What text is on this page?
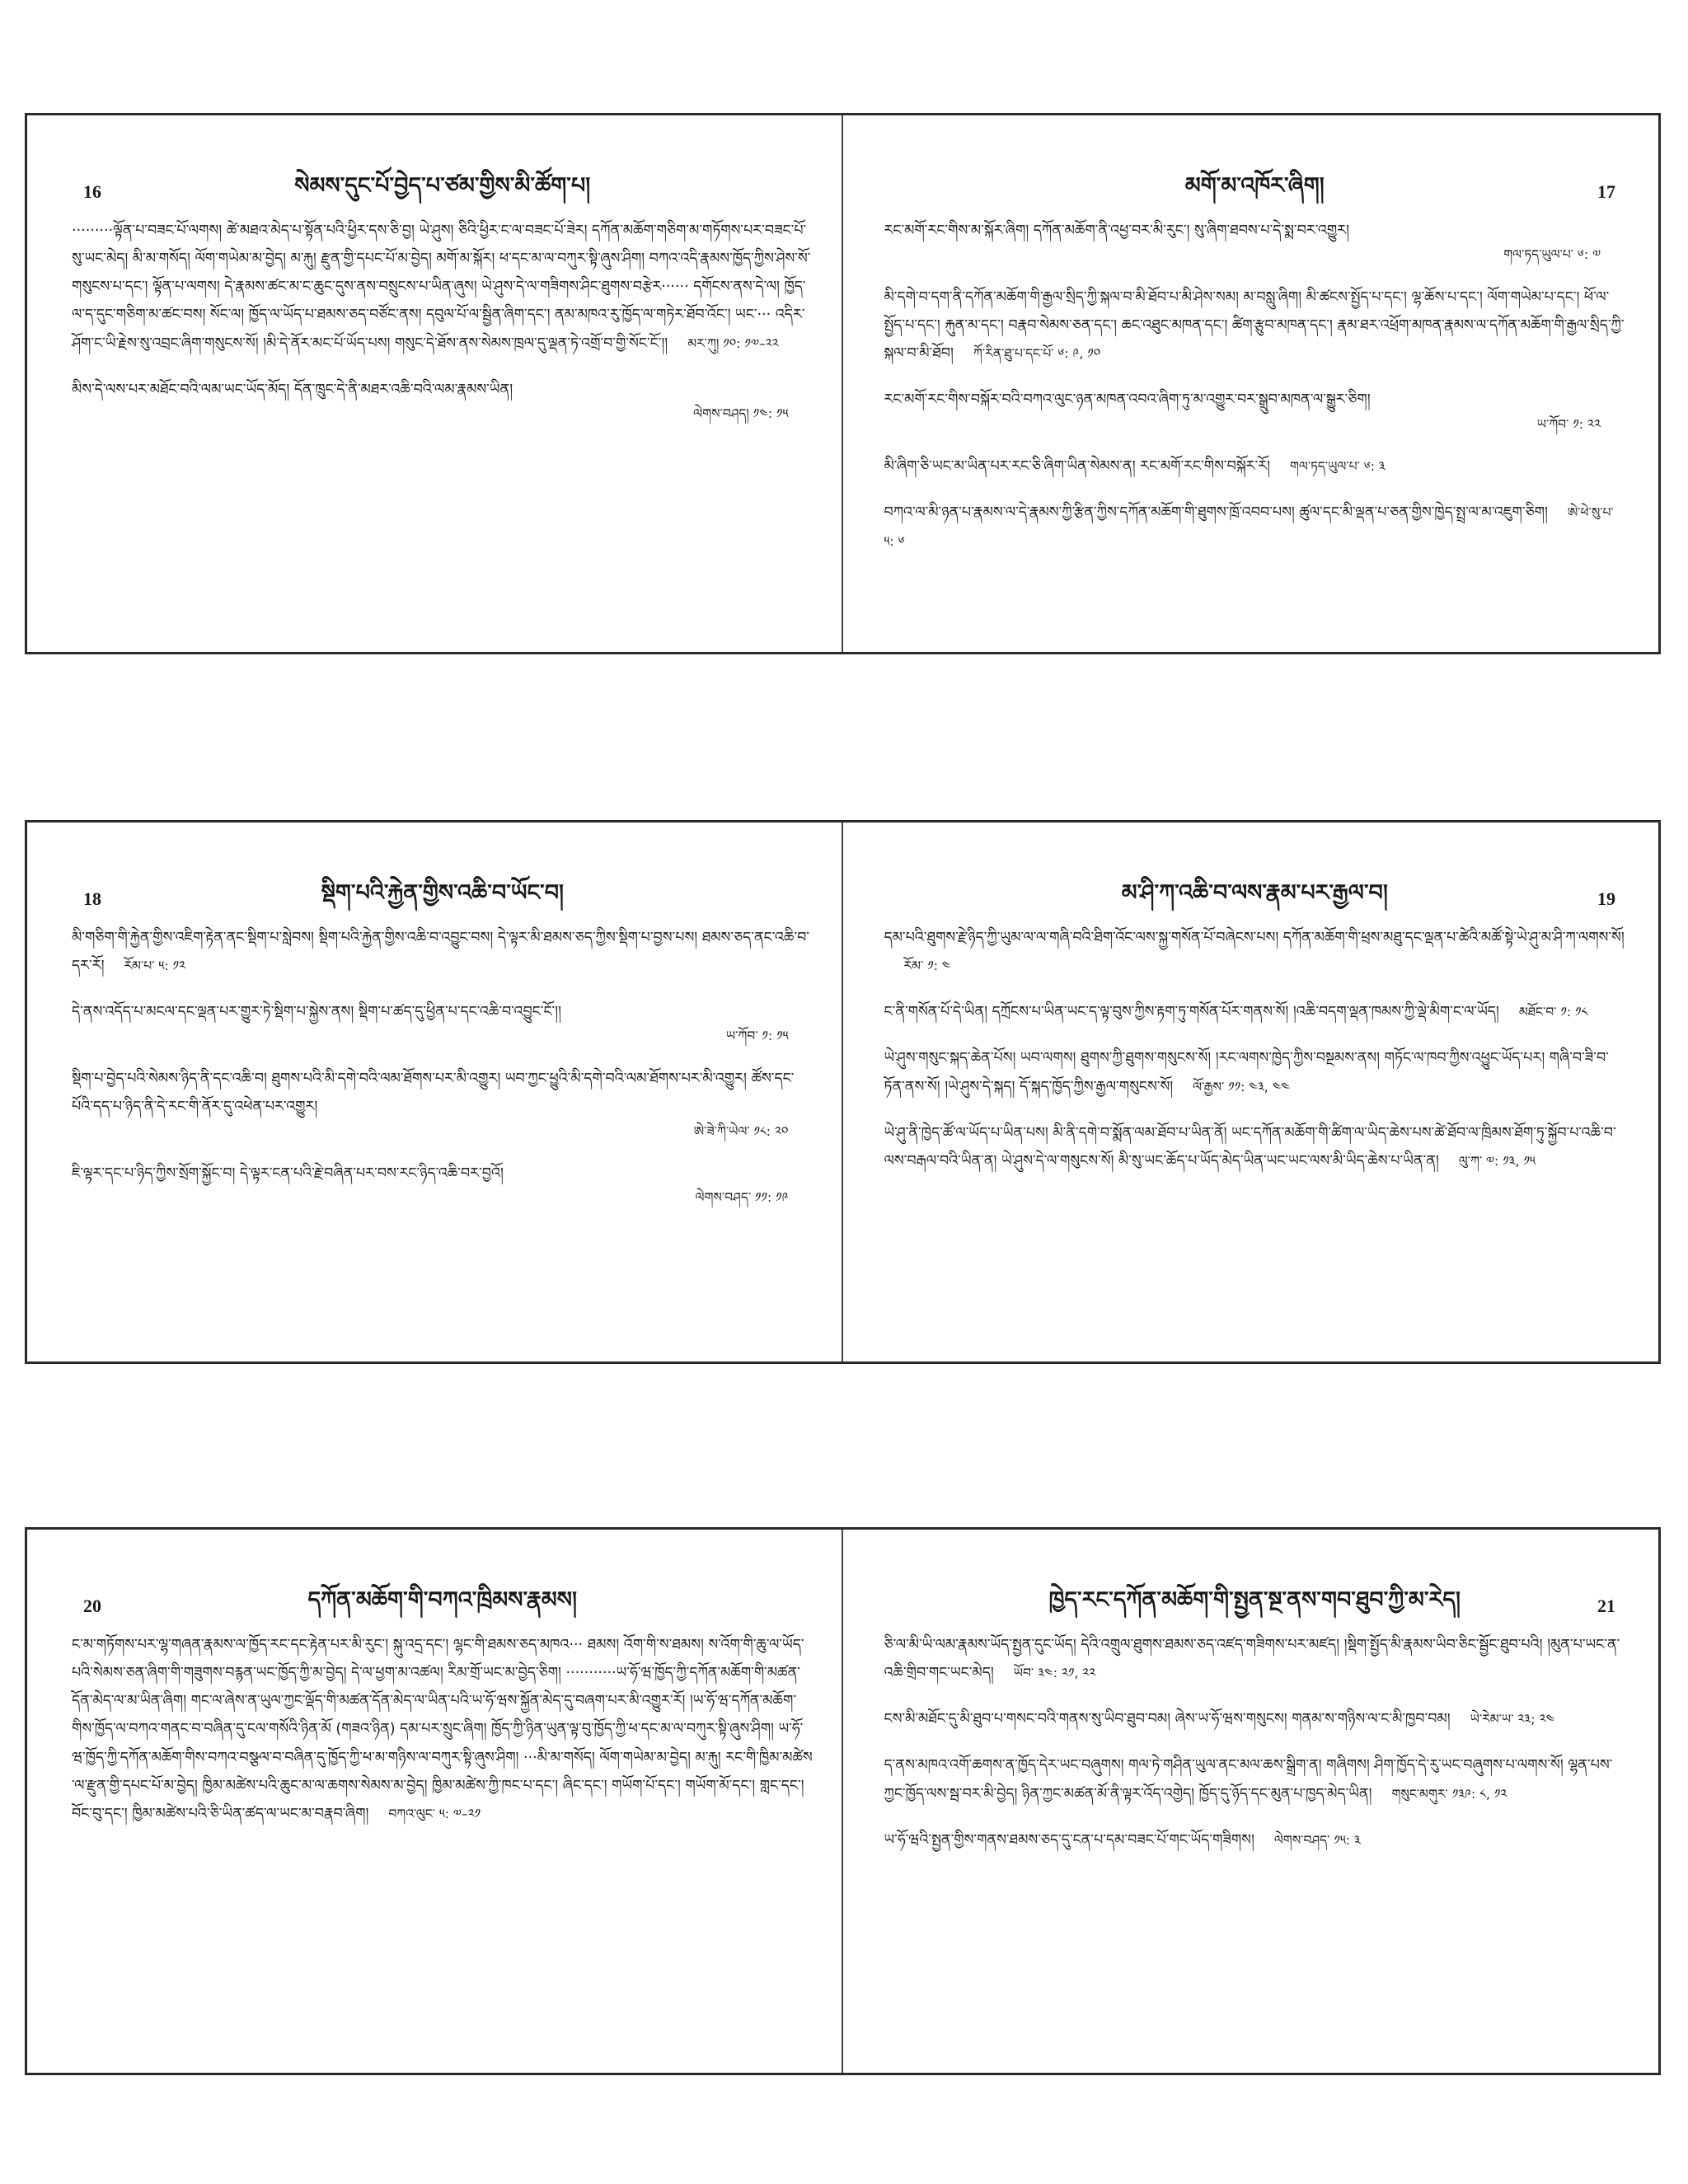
16	སེམས་དུང་པོ་བྱེད་པ་ཙམ་གྱིས་མི་ཚོག་པ།

·········ལྟོན་པ་བཟང་པོ་ལགས། ཚེ་མཐའ་མེད་པ་སྟོན་པའི་ཕྱིར་དས་ཅི་བྱ། ཡེ་ཤུས། ཅིའི་ཕྱིར་ང་ལ་བཟང་པོ་ཟེར། དཀོན་མཆོག་གཅིག་མ་གཏོགས་པར་བཟང་པོ་སུ་ཡང་མེད། མི་མ་གསོད། ལོག་གཡེམ་མ་བྱེད། མ་རྐུ། རྫུན་གྱི་དཔང་པོ་མ་བྱེད། མགོ་མ་སྐོར། ཕ་དང་མ་ལ་བཀུར་སྟི་ཞུས་ཤིག། བཀའ་འདི་རྣམས་ཁྱོད་ཀྱིས་ཤེས་སོ་གསུངས་པ་དང་། ལྟོན་པ་ལགས། དེ་རྣམས་ཚང་མ་ང་ཆུང་དུས་ནས་བསྲུངས་པ་ཡིན་ཞུས། ཡེ་ཤུས་དེ་ལ་གཟིགས་ཤིང་ཐུགས་བརྩེར······ དགོངས་ནས་དེ་ལ། ཁྱོད་ལ་ད་དུང་གཅིག་མ་ཚང་བས། སོང་ལ། ཁྱོད་ལ་ཡོད་པ་ཐམས་ཅད་བཙོང་ནས། དབུལ་པོ་ལ་སྦྱིན་ཞིག་དང་། ནམ་མཁའ་རུ་ཁྱོད་ལ་གཏེར་ཐོབ་འོང་། ཡང་··· འདིར་ཤོག་ང་ཡི་རྗེས་སུ་འབྲང་ཞིག་གསུངས་སོ། །མི་དེ་ནོར་མང་པོ་ཡོད་པས། གསུང་དེ་ཐོས་ནས་སེམས་ཁྲལ་དུ་ལྡན་ཏེ་འགྲོ་བ་གྱི་སོང་ངོ་།། མར་ཀུ། ༡༠: ༡༧–༢༢

མིས་དེ་ལས་པར་མཐོང་བའི་ལམ་ཡང་ཡོད་མོད། དོན་ཁྲུང་དེ་ནི་མཐར་འཆི་བའི་ལམ་རྣམས་ཡིན།

ལེགས་བཤད། ༡༤: ༡༥
17
མགོ་མ་འཁོར་ཞིག།

རང་མགོ་རང་གིས་མ་སྐོར་ཞིག། དཀོན་མཆོག་ནི་འཕྱ་བར་མི་རུང་། སུ་ཞིག་ཐབས་པ་དེ་སྨ་བར་འགྱུར།

གལ་ཏད་ཡུལ་པ་ ༦: ༧

མི་དགེ་བ་དག་ནི་དཀོན་མཆོག་གི་རྒྱལ་སྲིད་ཀྱི་སྐལ་བ་མི་ཐོབ་པ་མི་ཤེས་སམ། མ་བསླུ་ཞིག། མི་ཚངས་སྤྱོད་པ་དང་། ལྷ་ཆོས་པ་དང་། ལོག་གཡེམ་པ་དང་། ཕོ་ལ་སྤྱོད་པ་དང་། རྐུན་མ་དང་། བརྣབ་སེམས་ཅན་དང་། ཆང་འཐུང་མཁན་དང་། ཚིག་རྩུབ་མཁན་དང་། རྣམ་ཐར་འཕྲོག་མཁན་རྣམས་ལ་དཀོན་མཆོག་གི་རྒྱལ་སྲིད་ཀྱི་སྐལ་བ་མི་ཐོབ། ཀོ་རིན་ཐུ་པ་དང་པོ་ ༦: ༩, ༡༠

རང་མགོ་རང་གིས་བསྐོར་བའི་བཀའ་ལུང་ཉན་མཁན་འབའ་ཞིག་ཏུ་མ་འགྱུར་བར་སྒྲུབ་མཁན་ལ་སྒྱུར་ཅིག།

ཡ་ཀོབ་ ༡: ༢༢

མི་ཞིག་ཅི་ཡང་མ་ཡིན་པར་རང་ཅི་ཞིག་ཡིན་སེམས་ན། རང་མགོ་རང་གིས་བསྐོར་རོ། གལ་ཏད་ཡུལ་པ་ ༦: ༣

བཀའ་ལ་མི་ཉན་པ་རྣམས་ལ་དེ་རྣམས་ཀྱི་རྩིན་ཀྱིས་དཀོན་མཆོག་གི་ཐུགས་ཁྲོ་འབབ་པས། ཚུལ་དང་མི་ལྡན་པ་ཅན་གྱིས་ཁྱེད་སྤྲ་ལ་མ་འཇུག་ཅིག། ཨེ་ཕེ་སུ་པ་ ༥: ༦

18	སྡིག་པའི་རྐྱེན་གྱིས་འཆི་བ་ཡོང་བ།

མི་གཅིག་གི་རྐྱེན་གྱིས་འཇིག་རྟེན་ནང་སྡིག་པ་སླེབས། སྡིག་པའི་རྐྱེན་གྱིས་འཆི་བ་འབྱུང་བས། དེ་ལྟར་མི་ཐམས་ཅད་ཀྱིས་སྡིག་པ་བྱས་པས། ཐམས་ཅད་ནང་འཆི་བ་དར་རོ། རོམ་པ་ ༥: ༡༢

དེ་ནས་འདོད་པ་མངལ་དང་ལྡན་པར་གྱུར་ཏེ་སྡིག་པ་སྐྱེས་ནས། སྡིག་པ་ཚད་དུ་ཕྱིན་པ་དང་འཆི་བ་འབྱུང་ངོ་།།

ཡ་ཀོབ་ ༡: ༡༥

སྡིག་པ་བྱེད་པའི་སེམས་ཉིད་ནི་དང་འཆི་བ། ཐུགས་པའི་མི་དགེ་བའི་ལམ་ཐོགས་པར་མི་འགྱུར། ཡབ་ཀྱང་ཕྱུའི་མི་དགེ་བའི་ལམ་ཐོགས་པར་མི་འགྱུར། ཚོས་དང་པོའི་དད་པ་ཉིད་ནི་དེ་རང་གི་ནོར་དུ་འཕེན་པར་འགྱུར།

ཨེ་ཟེ་ཀི་ཡེལ་ ༡༨: ༢༠

ཇི་ལྟར་དང་པ་ཉིད་ཀྱིས་སྲོག་སྐྱོང་བ། དེ་ལྟར་ངན་པའི་རྗེ་བཞིན་པར་བས་རང་ཉིད་འཆི་བར་བྱའོ།

ལེགས་བཤད་ ༡༡: ༡༩
19
མ་ཤི་ཀ་འཆི་བ་ལས་རྣམ་པར་རྒྱལ་བ།

དམ་པའི་ཐུགས་རྗེ་ཉིད་ཀྱི་ཡུམ་ལ་ལ་གཞི་བའི་ཐིག་འོང་ལས་སྐྱ་གསོན་པོ་བཞེངས་པས། དཀོན་མཆོག་གི་ཕྲས་མཐུ་དང་ལྡན་པ་ཚེའི་མཚོ་སྟེ་ཡེ་ཤུ་མ་ཤི་ཀ་ལགས་སོ།རོམ་ ༡: ༤

ང་ནི་གསོན་པོ་དེ་ཡིན། དཀྲོངས་པ་ཡིན་ཡང་ད་ལྟ་བུས་ཀྱིས་རྟག་ཏུ་གསོན་པོར་གནས་སོ། །འཆི་བདག་ལྡན་ཁམས་ཀྱི་ལྡེ་མིག་ང་ལ་ཡོད། མཐོང་བ་ ༡: ༡༨

ཡེ་ཤུས་གསུང་སྐད་ཆེན་པོས། ཡབ་ལགས། ཐུགས་ཀྱི་ཐུགས་གསུངས་སོ། །རང་ལགས་ཁྱེད་ཀྱིས་བསྔམས་ནས། གཏོང་ལ་ཁབ་ཀྱིས་འཕྱུང་ཡོད་པར། གཞི་བ་ཟི་བ་ཏོན་ནས་སོ། །ཡེ་ཤུས་དེ་སྐད། དོ་སྐད་ཁྱོད་ཀྱིས་རྒྱལ་གསུངས་སོ། ལོ་རྒྱས་ ༡༡: ༤༣, ༤༤

ཡེ་ཤུ་ནི་ཁྱེད་ཚོ་ལ་ཡོད་པ་ཡིན་པས། མི་ནི་དགེ་བ་སྨོན་ལམ་ཐོབ་པ་ཡིན་ནོ། ཡང་དཀོན་མཆོག་གི་ཚིག་ལ་ཡིད་ཆེས་པས་ཚེ་ཐོབ་ལ་ཁྲིམས་ཐོག་ཏུ་སྐྱོབ་པ་འཆི་བ་ལས་བརྒལ་བའི་ཡིན་ན། ཡེ་ཤུས་དེ་ལ་གསུངས་སོ། མི་སུ་ཡང་ཆོད་པ་ཡོད་མེད་ཡིན་ཡང་ཡང་ལས་མི་ཡིད་ཆེས་པ་ཡིན་ན། ལུ་ཀ་ ༧: ༡༣, ༡༥

20	དཀོན་མཆོག་གི་བཀའ་ཁྲིམས་རྣམས།

ང་མ་གཏོགས་པར་ལྷ་གཞན་རྣམས་ལ་ཁྱོད་རང་དང་རྟེན་པར་མི་རུང་། སྐུ་འདྲ་དང་། ལྷང་གི་ཐམས་ཅད་མཁའ··· ཐམས། འོག་གི་ས་ཐམས། ས་འོག་གི་ཆུ་ལ་ཡོད་པའི་སེམས་ཅན་ཞིག་གི་གཟུགས་བརྙན་ཡང་ཁྱོད་ཀྱི་མ་བྱེད། དེ་ལ་ཕྱག་མ་འཚལ། རིམ་གྲོ་ཡང་མ་བྱེད་ཅིག། ···········ཡ་ཧོ་ཝ་ཁྱོད་ཀྱི་དཀོན་མཆོག་གི་མཚན་དོན་མེད་ལ་མ་ཡིན་ཞིག། གང་ལ་ཞེས་ན་ཡུལ་ཀྱང་ལྡོད་གི་མཚན་དོན་མེད་ལ་ཡིན་པའི་ཡ་ཧོ་ཝས་སྐྱོན་མེད་དུ་བཞག་པར་མི་འགྱུར་རོ། །ཡ་ཧོ་ཝ་དཀོན་མཆོག་གིས་ཁྱོད་ལ་བཀའ་གནང་བ་བཞིན་དུ་ངལ་གསོའི་ཉིན་མོ (གཟའ་ཉིན) དམ་པར་སྲུང་ཞིག། ཁྱོད་ཀྱི་ཉིན་ཡུན་ལྟ་བུ་ཁྱོད་ཀྱི་ཕ་དང་མ་ལ་བཀུར་སྟི་ཞུས་ཤིག། ཡ་ཧོ་ཝ་ཁྱོད་ཀྱི་དཀོན་མཆོག་གིས་བཀའ་བསྩལ་བ་བཞིན་དུ་ཁྱོད་ཀྱི་ཕ་མ་གཉིས་ལ་བཀུར་སྟི་ཞུས་ཤིག། ···མི་མ་གསོད། ལོག་གཡེམ་མ་བྱེད། མ་རྐུ། རང་གི་ཁྱིམ་མཚེས་ལ་རྫུན་གྱི་དཔང་པོ་མ་བྱེད། ཁྱིམ་མཚེས་པའི་ཆུང་མ་ལ་ཆགས་སེམས་མ་བྱེད། ཁྱིམ་མཚེས་ཀྱི་ཁང་པ་དང་། ཞིང་དང་། གཡོག་པོ་དང་། གཡོག་མོ་དང་། གླང་དང་། བོང་བུ་དང་། ཁྱིམ་མཚེས་པའི་ཅི་ཡིན་ཚད་ལ་ཡང་མ་བརྣབ་ཞིག། བཀའ་ལུང་ ༥: ༧–༢༡

21
ཁྱེད་རང་དཀོན་མཆོག་གི་སྤྱན་སྔ་ནས་གབ་ཐུབ་ཀྱི་མ་རེད།

ཅི་ལ་མི་ཡི་ལམ་རྣམས་ཡོད་སྤྱན་དུང་ཡོད། དེའི་འགྲུལ་ཐུགས་ཐམས་ཅད་འཛད་གཟིགས་པར་མཛད། །སྡིག་སྤྱོད་མི་རྣམས་ཡིབ་ཅིང་སྦྱོང་ཐུབ་པའི། །མུན་པ་ཡང་ན་འཆི་གྲིབ་གང་ཡང་མེད། ཡོབ་ ༣༤: ༢༡, ༢༢

ངས་མི་མཐོང་དུ་མི་ཐུབ་པ་གསང་བའི་གནས་སུ་ཡིབ་ཐུབ་བམ། ཞེས་ཡ་ཧོ་ཝས་གསུངས། གནམ་ས་གཉིས་ལ་ང་མི་ཁྱབ་བམ། ཡེ་རེམ་ཡ་ ༢༣; ༢༤

ད་ནས་མཁའ་འགོ་ཆགས་ན་ཁྱོད་དེར་ཡང་བཞུགས། གལ་ཏེ་གཤིན་ཡུལ་ནང་མལ་ཆས་སྒྲིག་ན། གཞིགས། ཤིག་ཁྱོད་དེ་རུ་ཡང་བཞུགས་པ་ལགས་སོ། ལྷན་པས་ཀྱང་ཁྱོད་ལས་སྦ་བར་མི་བྱེད། ཉིན་ཀྱང་མཚན་མོ་ནི་ལྟར་འོད་འགྱེད། ཁྱོད་དུ་ཉོད་དང་མུན་པ་ཁྱད་མེད་ཡིན། གསུང་མགུར་ ༡༣༩: ༨, ༡༢

ཡ་ཧོ་ཝའི་སྤྱན་གྱིས་གནས་ཐམས་ཅད་དུ་ངན་པ་དམ་བཟང་པོ་གང་ཡོད་གཟིགས། ལེགས་བཤད་ ༡༥: ༣
